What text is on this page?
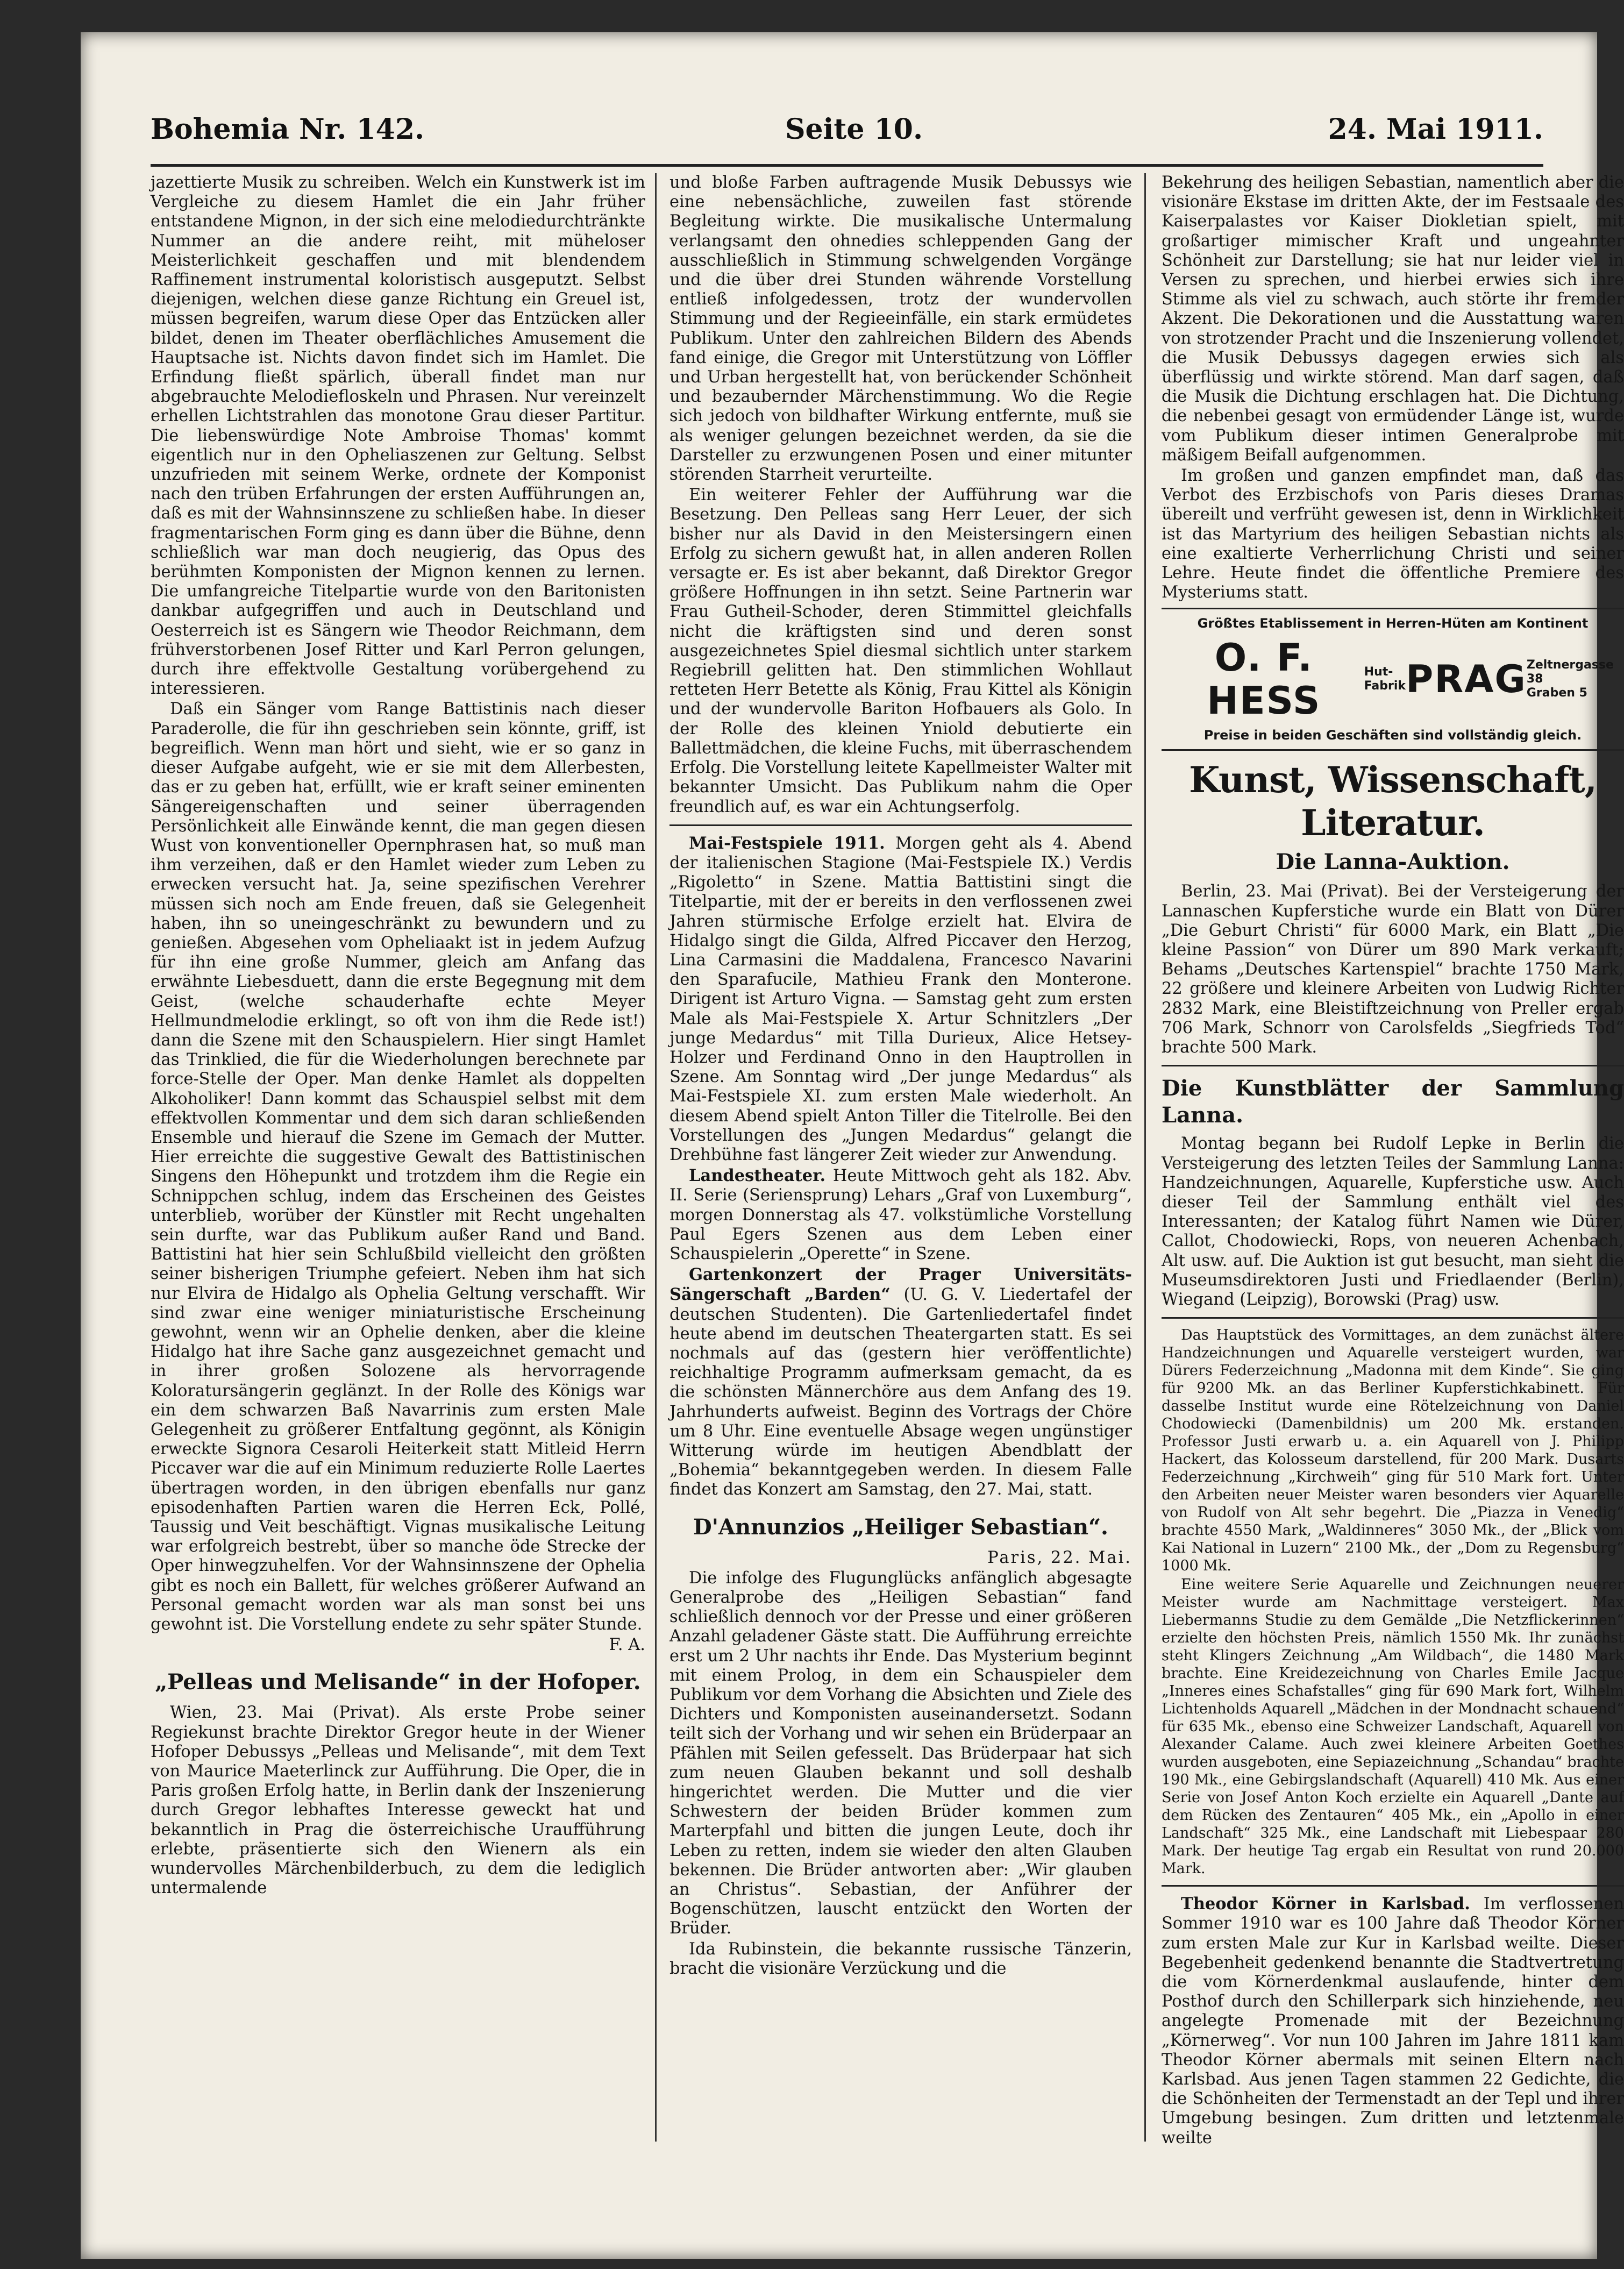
Bohemia Nr. 142.	Seite 10.	24. Mai 1911.

jazettierte Musik zu schreiben. Welch ein Kunstwerk ist im Vergleiche zu diesem Hamlet die ein Jahr früher entstandene Mignon, in der sich eine melodiedurchtränkte Nummer an die andere reiht, mit müheloser Meisterlichkeit geschaffen und mit blendendem Raffinement instrumental koloristisch ausgeputzt. Selbst diejenigen, welchen diese ganze Richtung ein Greuel ist, müssen begreifen, warum diese Oper das Entzücken aller bildet, denen im Theater oberflächliches Amusement die Hauptsache ist. Nichts davon findet sich im Hamlet. Die Erfindung fließt spärlich, überall findet man nur abgebrauchte Melodiefloskeln und Phrasen. Nur vereinzelt erhellen Lichtstrahlen das monotone Grau dieser Partitur. Die liebenswürdige Note Ambroise Thomas' kommt eigentlich nur in den Opheliaszenen zur Geltung. Selbst unzufrieden mit seinem Werke, ordnete der Komponist nach den trüben Erfahrungen der ersten Aufführungen an, daß es mit der Wahnsinnszene zu schließen habe. In dieser fragmentarischen Form ging es dann über die Bühne, denn schließlich war man doch neugierig, das Opus des berühmten Komponisten der Mignon kennen zu lernen. Die umfangreiche Titelpartie wurde von den Baritonisten dankbar aufgegriffen und auch in Deutschland und Oesterreich ist es Sängern wie Theodor Reichmann, dem frühverstorbenen Josef Ritter und Karl Perron gelungen, durch ihre effektvolle Gestaltung vorübergehend zu interessieren.

Daß ein Sänger vom Range Battistinis nach dieser Paraderolle, die für ihn geschrieben sein könnte, griff, ist begreiflich. Wenn man hört und sieht, wie er so ganz in dieser Aufgabe aufgeht, wie er sie mit dem Allerbesten, das er zu geben hat, erfüllt, wie er kraft seiner eminenten Sängereigenschaften und seiner überragenden Persönlichkeit alle Einwände kennt, die man gegen diesen Wust von konventioneller Opernphrasen hat, so muß man ihm verzeihen, daß er den Hamlet wieder zum Leben zu erwecken versucht hat. Ja, seine spezifischen Verehrer müssen sich noch am Ende freuen, daß sie Gelegenheit haben, ihn so uneingeschränkt zu bewundern und zu genießen. Abgesehen vom Opheliaakt ist in jedem Aufzug für ihn eine große Nummer, gleich am Anfang das erwähnte Liebesduett, dann die erste Begegnung mit dem Geist, (welche schauderhafte echte Meyer Hellmundmelodie erklingt, so oft von ihm die Rede ist!) dann die Szene mit den Schauspielern. Hier singt Hamlet das Trinklied, die für die Wiederholungen berechnete par force-Stelle der Oper. Man denke Hamlet als doppelten Alkoholiker! Dann kommt das Schauspiel selbst mit dem effektvollen Kommentar und dem sich daran schließenden Ensemble und hierauf die Szene im Gemach der Mutter. Hier erreichte die suggestive Gewalt des Battistinischen Singens den Höhepunkt und trotzdem ihm die Regie ein Schnippchen schlug, indem das Erscheinen des Geistes unterblieb, worüber der Künstler mit Recht ungehalten sein durfte, war das Publikum außer Rand und Band. Battistini hat hier sein Schlußbild vielleicht den größten seiner bisherigen Triumphe gefeiert. Neben ihm hat sich nur Elvira de Hidalgo als Ophelia Geltung verschafft. Wir sind zwar eine weniger miniaturistische Erscheinung gewohnt, wenn wir an Ophelie denken, aber die kleine Hidalgo hat ihre Sache ganz ausgezeichnet gemacht und in ihrer großen Solozene als hervorragende Koloratursängerin geglänzt. In der Rolle des Königs war ein dem schwarzen Baß Navarrinis zum ersten Male Gelegenheit zu größerer Entfaltung gegönnt, als Königin erweckte Signora Cesaroli Heiterkeit statt Mitleid Herrn Piccaver war die auf ein Minimum reduzierte Rolle Laertes übertragen worden, in den übrigen ebenfalls nur ganz episodenhaften Partien waren die Herren Eck, Pollé, Taussig und Veit beschäftigt. Vignas musikalische Leitung war erfolgreich bestrebt, über so manche öde Strecke der Oper hinwegzuhelfen. Vor der Wahnsinnszene der Ophelia gibt es noch ein Ballett, für welches größerer Aufwand an Personal gemacht worden war als man sonst bei uns gewohnt ist. Die Vorstellung endete zu sehr später Stunde.

F. A.

„Pelleas und Melisande“ in der Hofoper.

Wien, 23. Mai (Privat). Als erste Probe seiner Regiekunst brachte Direktor Gregor heute in der Wiener Hofoper Debussys „Pelleas und Melisande“, mit dem Text von Maurice Maeterlinck zur Aufführung. Die Oper, die in Paris großen Erfolg hatte, in Berlin dank der Inszenierung durch Gregor lebhaftes Interesse geweckt hat und bekanntlich in Prag die österreichische Uraufführung erlebte, präsentierte sich den Wienern als ein wundervolles Märchenbilderbuch, zu dem die lediglich untermalende

und bloße Farben auftragende Musik Debussys wie eine nebensächliche, zuweilen fast störende Begleitung wirkte. Die musikalische Untermalung verlangsamt den ohnedies schleppenden Gang der ausschließlich in Stimmung schwelgenden Vorgänge und die über drei Stunden währende Vorstellung entließ infolgedessen, trotz der wundervollen Stimmung und der Regieeinfälle, ein stark ermüdetes Publikum. Unter den zahlreichen Bildern des Abends fand einige, die Gregor mit Unterstützung von Löffler und Urban hergestellt hat, von berückender Schönheit und bezaubernder Märchenstimmung. Wo die Regie sich jedoch von bildhafter Wirkung entfernte, muß sie als weniger gelungen bezeichnet werden, da sie die Darsteller zu erzwungenen Posen und einer mitunter störenden Starrheit verurteilte.

Ein weiterer Fehler der Aufführung war die Besetzung. Den Pelleas sang Herr Leuer, der sich bisher nur als David in den Meistersingern einen Erfolg zu sichern gewußt hat, in allen anderen Rollen versagte er. Es ist aber bekannt, daß Direktor Gregor größere Hoffnungen in ihn setzt. Seine Partnerin war Frau Gutheil-Schoder, deren Stimmittel gleichfalls nicht die kräftigsten sind und deren sonst ausgezeichnetes Spiel diesmal sichtlich unter starkem Regiebrill gelitten hat. Den stimmlichen Wohllaut retteten Herr Betette als König, Frau Kittel als Königin und der wundervolle Bariton Hofbauers als Golo. In der Rolle des kleinen Yniold debutierte ein Ballettmädchen, die kleine Fuchs, mit überraschendem Erfolg. Die Vorstellung leitete Kapellmeister Walter mit bekannter Umsicht. Das Publikum nahm die Oper freundlich auf, es war ein Achtungserfolg.

Mai-Festspiele 1911. Morgen geht als 4. Abend der italienischen Stagione (Mai-Festspiele IX.) Verdis „Rigoletto“ in Szene. Mattia Battistini singt die Titelpartie, mit der er bereits in den verflossenen zwei Jahren stürmische Erfolge erzielt hat. Elvira de Hidalgo singt die Gilda, Alfred Piccaver den Herzog, Lina Carmasini die Maddalena, Francesco Navarini den Sparafucile, Mathieu Frank den Monterone. Dirigent ist Arturo Vigna. — Samstag geht zum ersten Male als Mai-Festspiele X. Artur Schnitzlers „Der junge Medardus“ mit Tilla Durieux, Alice Hetsey-Holzer und Ferdinand Onno in den Hauptrollen in Szene. Am Sonntag wird „Der junge Medardus“ als Mai-Festspiele XI. zum ersten Male wiederholt. An diesem Abend spielt Anton Tiller die Titelrolle. Bei den Vorstellungen des „Jungen Medardus“ gelangt die Drehbühne fast längerer Zeit wieder zur Anwendung.

Landestheater. Heute Mittwoch geht als 182. Abv. II. Serie (Seriensprung) Lehars „Graf von Luxemburg“, morgen Donnerstag als 47. volkstümliche Vorstellung Paul Egers Szenen aus dem Leben einer Schauspielerin „Operette“ in Szene.

Gartenkonzert der Prager Universitäts-Sängerschaft „Barden“ (U. G. V. Liedertafel der deutschen Studenten). Die Gartenliedertafel findet heute abend im deutschen Theatergarten statt. Es sei nochmals auf das (gestern hier veröffentlichte) reichhaltige Programm aufmerksam gemacht, da es die schönsten Männerchöre aus dem Anfang des 19. Jahrhunderts aufweist. Beginn des Vortrags der Chöre um 8 Uhr. Eine eventuelle Absage wegen ungünstiger Witterung würde im heutigen Abendblatt der „Bohemia“ bekanntgegeben werden. In diesem Falle findet das Konzert am Samstag, den 27. Mai, statt.

D'Annunzios „Heiliger Sebastian“.

Paris, 22. Mai.

Die infolge des Flugunglücks anfänglich abgesagte Generalprobe des „Heiligen Sebastian“ fand schließlich dennoch vor der Presse und einer größeren Anzahl geladener Gäste statt. Die Aufführung erreichte erst um 2 Uhr nachts ihr Ende. Das Mysterium beginnt mit einem Prolog, in dem ein Schauspieler dem Publikum vor dem Vorhang die Absichten und Ziele des Dichters und Komponisten auseinandersetzt. Sodann teilt sich der Vorhang und wir sehen ein Brüderpaar an Pfählen mit Seilen gefesselt. Das Brüderpaar hat sich zum neuen Glauben bekannt und soll deshalb hingerichtet werden. Die Mutter und die vier Schwestern der beiden Brüder kommen zum Marterpfahl und bitten die jungen Leute, doch ihr Leben zu retten, indem sie wieder den alten Glauben bekennen. Die Brüder antworten aber: „Wir glauben an Christus“. Sebastian, der Anführer der Bogenschützen, lauscht entzückt den Worten der Brüder.

Ida Rubinstein, die bekannte russische Tänzerin, bracht die visionäre Verzückung und die

Bekehrung des heiligen Sebastian, namentlich aber die visionäre Ekstase im dritten Akte, der im Festsaale des Kaiserpalastes vor Kaiser Diokletian spielt, mit großartiger mimischer Kraft und ungeahnter Schönheit zur Darstellung; sie hat nur leider viel in Versen zu sprechen, und hierbei erwies sich ihre Stimme als viel zu schwach, auch störte ihr fremder Akzent. Die Dekorationen und die Ausstattung waren von strotzender Pracht und die Inszenierung vollendet, die Musik Debussys dagegen erwies sich als überflüssig und wirkte störend. Man darf sagen, daß die Musik die Dichtung erschlagen hat. Die Dichtung, die nebenbei gesagt von ermüdender Länge ist, wurde vom Publikum dieser intimen Generalprobe mit mäßigem Beifall aufgenommen.

Im großen und ganzen empfindet man, daß das Verbot des Erzbischofs von Paris dieses Dramas übereilt und verfrüht gewesen ist, denn in Wirklichkeit ist das Martyrium des heiligen Sebastian nichts als eine exaltierte Verherrlichung Christi und seiner Lehre. Heute findet die öffentliche Premiere des Mysteriums statt.

Größtes Etablissement in Herren-Hüten am Kontinent
O. F. HESS
Hut-
Fabrik PRAG Zeltnergasse 38
Graben 5
Preise in beiden Geschäften sind vollständig gleich.
Kunst, Wissenschaft, Literatur.
Die Lanna-Auktion.

Berlin, 23. Mai (Privat). Bei der Versteigerung der Lannaschen Kupferstiche wurde ein Blatt von Dürer „Die Geburt Christi“ für 6000 Mark, ein Blatt „Die kleine Passion“ von Dürer um 890 Mark verkauft; Behams „Deutsches Kartenspiel“ brachte 1750 Mark, 22 größere und kleinere Arbeiten von Ludwig Richter 2832 Mark, eine Bleistiftzeichnung von Preller ergab 706 Mark, Schnorr von Carolsfelds „Siegfrieds Tod“ brachte 500 Mark.

Die Kunstblätter der Sammlung Lanna.

Montag begann bei Rudolf Lepke in Berlin die Versteigerung des letzten Teiles der Sammlung Lanna: Handzeichnungen, Aquarelle, Kupferstiche usw. Auch dieser Teil der Sammlung enthält viel des Interessanten; der Katalog führt Namen wie Dürer, Callot, Chodowiecki, Rops, von neueren Achenbach, Alt usw. auf. Die Auktion ist gut besucht, man sieht die Museumsdirektoren Justi und Friedlaender (Berlin), Wiegand (Leipzig), Borowski (Prag) usw.

Das Hauptstück des Vormittages, an dem zunächst ältere Handzeichnungen und Aquarelle versteigert wurden, war Dürers Federzeichnung „Madonna mit dem Kinde“. Sie ging für 9200 Mk. an das Berliner Kupferstichkabinett. Für dasselbe Institut wurde eine Rötelzeichnung von Daniel Chodowiecki (Damenbildnis) um 200 Mk. erstanden. Professor Justi erwarb u. a. ein Aquarell von J. Philipp Hackert, das Kolosseum darstellend, für 200 Mark. Dusarts Federzeichnung „Kirchweih“ ging für 510 Mark fort. Unter den Arbeiten neuer Meister waren besonders vier Aquarelle von Rudolf von Alt sehr begehrt. Die „Piazza in Venedig“ brachte 4550 Mark, „Waldinneres“ 3050 Mk., der „Blick vom Kai National in Luzern“ 2100 Mk., der „Dom zu Regensburg“ 1000 Mk.

Eine weitere Serie Aquarelle und Zeichnungen neuerer Meister wurde am Nachmittage versteigert. Max Liebermanns Studie zu dem Gemälde „Die Netzflickerinnen“ erzielte den höchsten Preis, nämlich 1550 Mk. Ihr zunächst steht Klingers Zeichnung „Am Wildbach“, die 1480 Mark brachte. Eine Kreidezeichnung von Charles Emile Jacque „Inneres eines Schafstalles“ ging für 690 Mark fort, Wilhelm Lichtenholds Aquarell „Mädchen in der Mondnacht schauend“ für 635 Mk., ebenso eine Schweizer Landschaft, Aquarell von Alexander Calame. Auch zwei kleinere Arbeiten Goethes wurden ausgeboten, eine Sepiazeichnung „Schandau“ brachte 190 Mk., eine Gebirgslandschaft (Aquarell) 410 Mk. Aus einer Serie von Josef Anton Koch erzielte ein Aquarell „Dante auf dem Rücken des Zentauren“ 405 Mk., ein „Apollo in einer Landschaft“ 325 Mk., eine Landschaft mit Liebespaar 280 Mark. Der heutige Tag ergab ein Resultat von rund 20.000 Mark.

Theodor Körner in Karlsbad. Im verflossenen Sommer 1910 war es 100 Jahre daß Theodor Körner zum ersten Male zur Kur in Karlsbad weilte. Dieser Begebenheit gedenkend benannte die Stadtvertretung die vom Körnerdenkmal auslaufende, hinter dem Posthof durch den Schillerpark sich hinziehende, neu angelegte Promenade mit der Bezeichnung „Körnerweg“. Vor nun 100 Jahren im Jahre 1811 kam Theodor Körner abermals mit seinen Eltern nach Karlsbad. Aus jenen Tagen stammen 22 Gedichte, die die Schönheiten der Termenstadt an der Tepl und ihrer Umgebung besingen. Zum dritten und letztenmale weilte
